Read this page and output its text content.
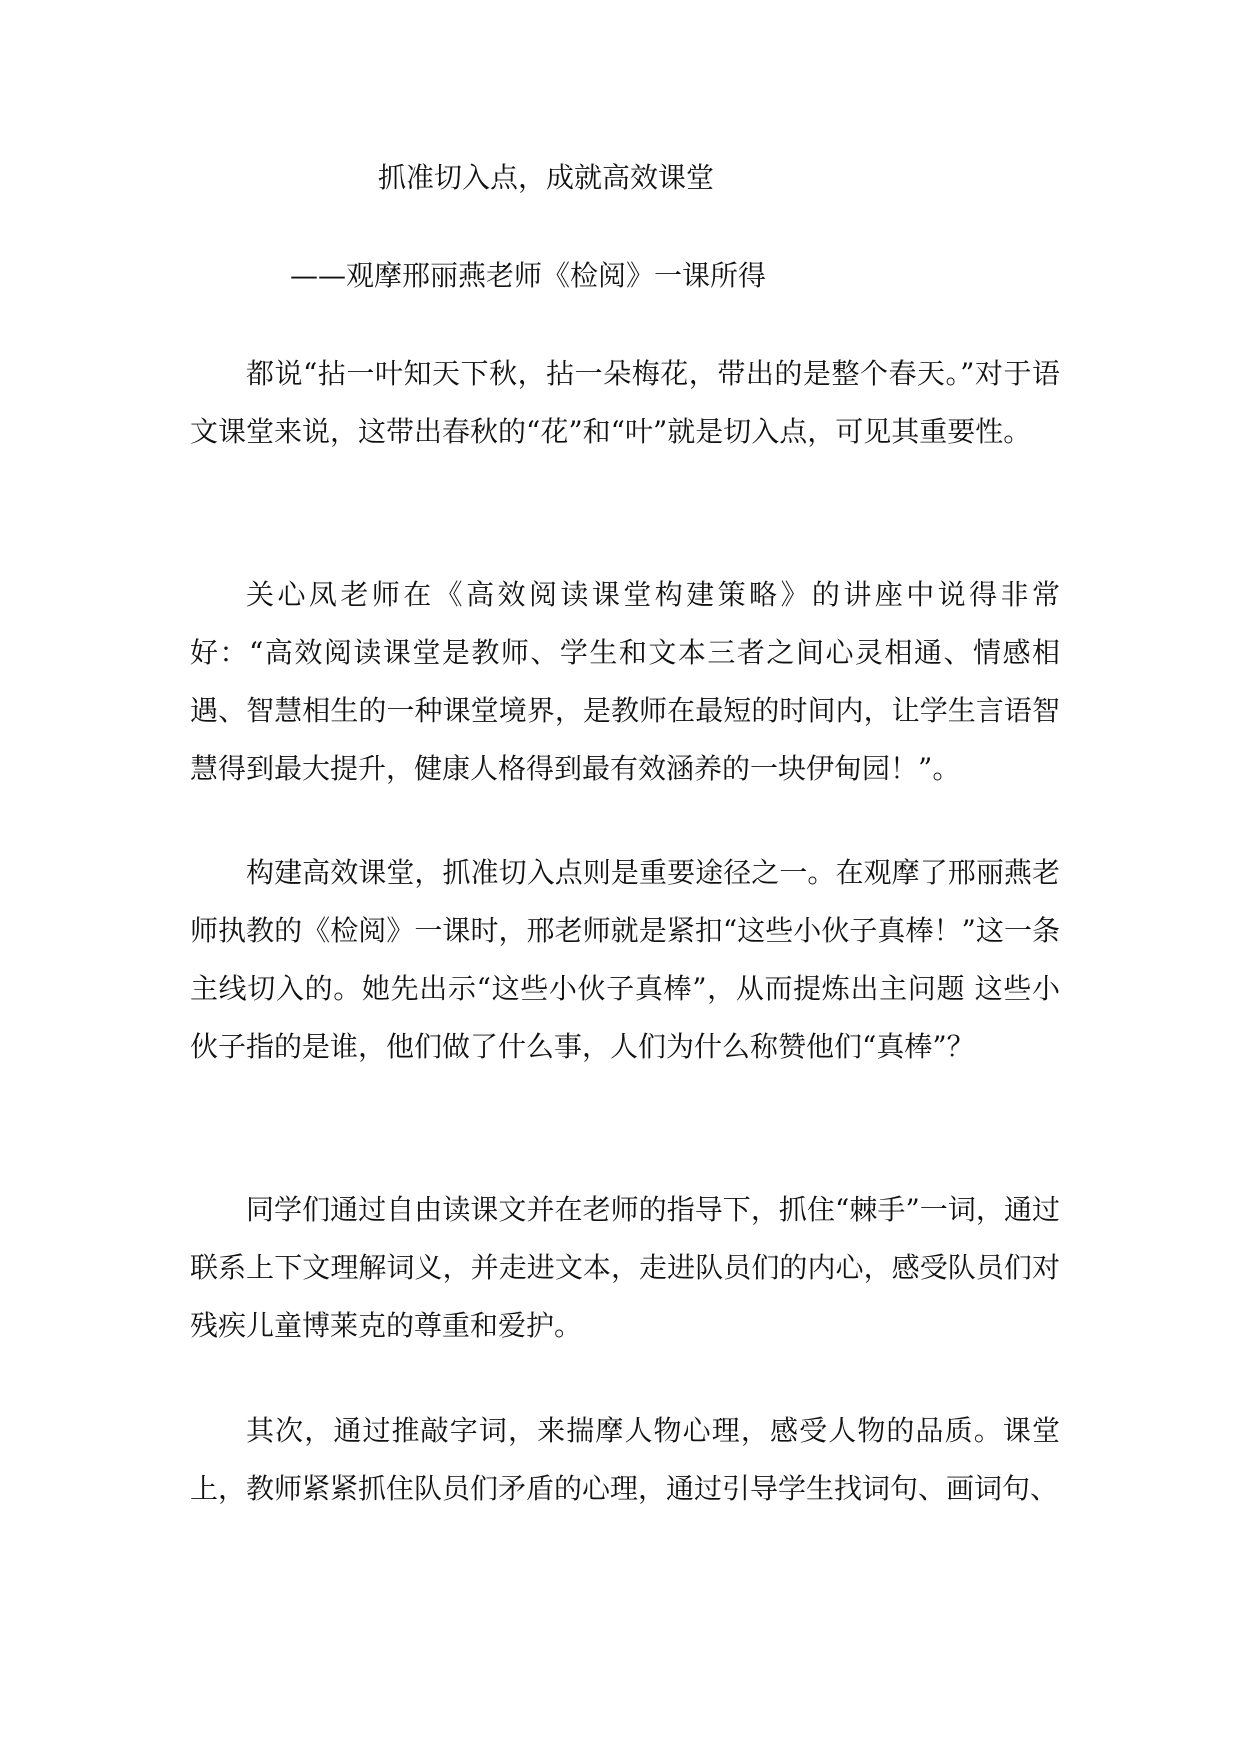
抓准切入点，成就高效课堂
——观摩邢丽燕老师《检阅》一课所得

都说“拈一叶知天下秋，拈一朵梅花，带出的是整个春天。”对于语文课堂来说，这带出春秋的“花”和“叶”就是切入点，可见其重要性。

关心凤老师在《高效阅读课堂构建策略》的讲座中说得非常好：“高效阅读课堂是教师、学生和文本三者之间心灵相通、情感相遇、智慧相生的一种课堂境界，是教师在最短的时间内，让学生言语智慧得到最大提升，健康人格得到最有效涵养的一块伊甸园！”。

构建高效课堂，抓准切入点则是重要途径之一。在观摩了邢丽燕老师执教的《检阅》一课时，邢老师就是紧扣“这些小伙子真棒！”这一条主线切入的。她先出示“这些小伙子真棒”，从而提炼出主问题 这些小伙子指的是谁，他们做了什么事，人们为什么称赞他们“真棒”？

同学们通过自由读课文并在老师的指导下，抓住“棘手”一词，通过联系上下文理解词义，并走进文本，走进队员们的内心，感受队员们对残疾儿童博莱克的尊重和爱护。

其次，通过推敲字词，来揣摩人物心理，感受人物的品质。课堂上，教师紧紧抓住队员们矛盾的心理，通过引导学生找词句、画词句、
